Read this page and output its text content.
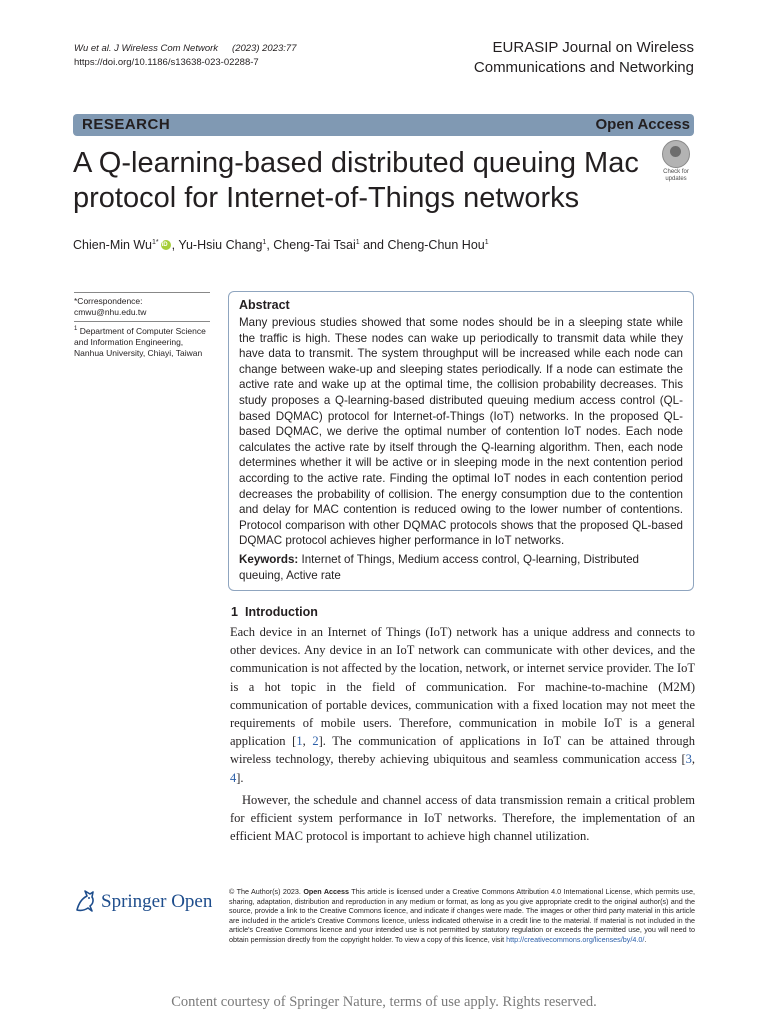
Wu et al. J Wireless Com Network (2023) 2023:77
https://doi.org/10.1186/s13638-023-02288-7
EURASIP Journal on Wireless
Communications and Networking
RESEARCH	Open Access
A Q-learning-based distributed queuing Mac protocol for Internet-of-Things networks
Check for
updates
Chien-Min $Wu^{1*}iD$ , Yu-Hsiu Chang$^1$, Cheng-Tai Tsai$^1$ and Cheng-Chun Hou$^1$
*Correspondence:
cmwu@nhu.edu.tw
$^1$ Department of Computer Science and Information Engineering, Nanhua University, Chiayi, Taiwan
Abstract
Many previous studies showed that some nodes should be in a sleeping state while the traffic is high. These nodes can wake up periodically to transmit data while they have data to transmit. The system throughput will be increased while each node can change between wake-up and sleeping states periodically. If a node can estimate the active rate and wake up at the optimal time, the collision probability decreases. This study proposes a Q-learning-based distributed queuing medium access control (QL-based DQMAC) protocol for Internet-of-Things (IoT) networks. In the proposed QL-based DQMAC, we derive the optimal number of contention IoT nodes. Each node calculates the active rate by itself through the Q-learning algorithm. Then, each node determines whether it will be active or in sleeping mode in the next contention period according to the active rate. Finding the optimal IoT nodes in each contention period decreases the probability of collision. The energy consumption due to the contention and delay for MAC contention is reduced owing to the lower number of contentions. Protocol comparison with other DQMAC protocols shows that the proposed QL-based DQMAC protocol achieves higher performance in IoT networks.
Keywords: Internet of Things, Medium access control, Q-learning, Distributed queuing, Active rate
1 Introduction

Each device in an Internet of Things (IoT) network has a unique address and connects to other devices. Any device in an IoT network can communicate with other devices, and the communication is not affected by the location, network, or internet service provider. The IoT is a hot topic in the field of communication. For machine-to-machine (M2M) communication of portable devices, communication with a fixed location may not meet the requirements of mobile users. Therefore, communication in mobile IoT is a general application [1, 2]. The communication of applications in IoT can be attained through wireless technology, thereby achieving ubiquitous and seamless communication access [3, 4].

However, the schedule and channel access of data transmission remain a critical problem for efficient system performance in IoT networks. Therefore, the implementation of an efficient MAC protocol is important to achieve high channel utilization.

Springer Open © The Author(s) 2023. Open Access This article is licensed under a Creative Commons Attribution 4.0 International License, which permits use, sharing, adaptation, distribution and reproduction in any medium or format, as long as you give appropriate credit to the original author(s) and the source, provide a link to the Creative Commons licence, and indicate if changes were made. The images or other third party material in this article are included in the article's Creative Commons licence, unless indicated otherwise in a credit line to the material. If material is not included in the article's Creative Commons licence and your intended use is not permitted by statutory regulation or exceeds the permitted use, you will need to obtain permission directly from the copyright holder. To view a copy of this licence, visit http://creativecommons.org/licenses/by/4.0/.
Content courtesy of Springer Nature, terms of use apply. Rights reserved.
